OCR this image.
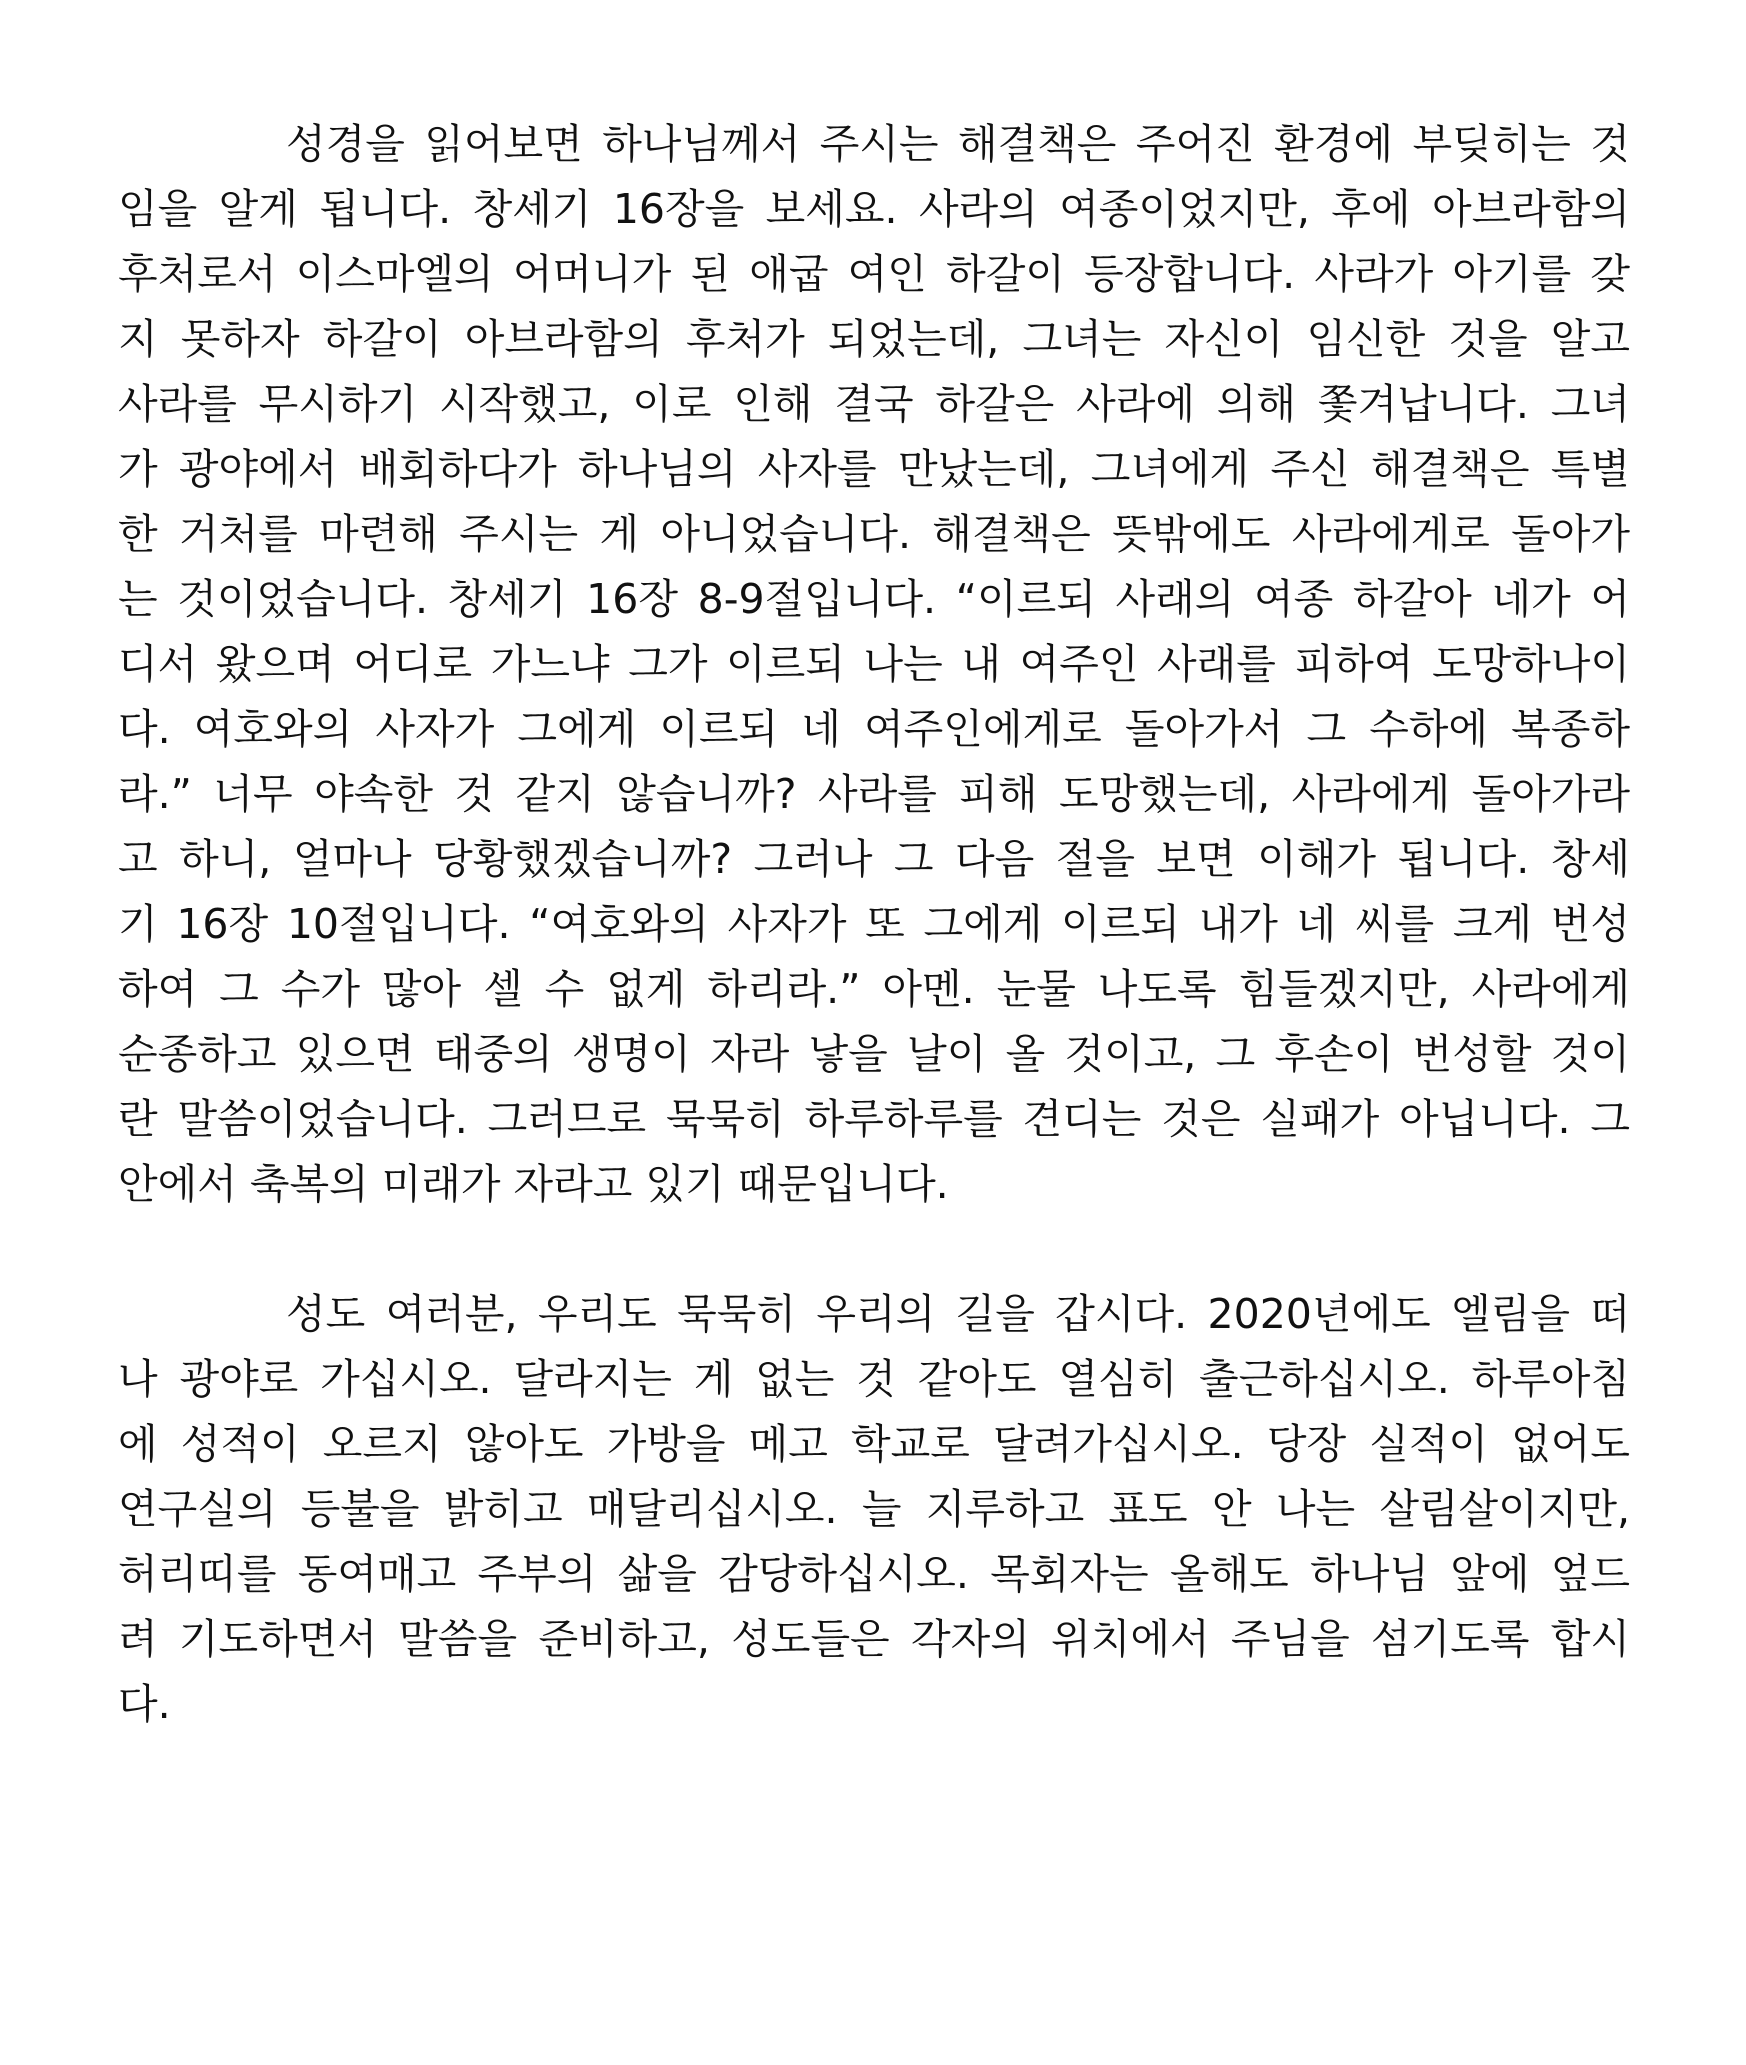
성경을 읽어보면 하나님께서 주시는 해결책은 주어진 환경에 부딪히는 것
임을 알게 됩니다. 창세기 16장을 보세요. 사라의 여종이었지만, 후에 아브라함의
후처로서 이스마엘의 어머니가 된 애굽 여인 하갈이 등장합니다. 사라가 아기를 갖
지 못하자 하갈이 아브라함의 후처가 되었는데, 그녀는 자신이 임신한 것을 알고
사라를 무시하기 시작했고, 이로 인해 결국 하갈은 사라에 의해 쫓겨납니다. 그녀
가 광야에서 배회하다가 하나님의 사자를 만났는데, 그녀에게 주신 해결책은 특별
한 거처를 마련해 주시는 게 아니었습니다. 해결책은 뜻밖에도 사라에게로 돌아가
는 것이었습니다. 창세기 16장 8-9절입니다. “이르되 사래의 여종 하갈아 네가 어
디서 왔으며 어디로 가느냐 그가 이르되 나는 내 여주인 사래를 피하여 도망하나이
다. 여호와의 사자가 그에게 이르되 네 여주인에게로 돌아가서 그 수하에 복종하
라.” 너무 야속한 것 같지 않습니까? 사라를 피해 도망했는데, 사라에게 돌아가라
고 하니, 얼마나 당황했겠습니까? 그러나 그 다음 절을 보면 이해가 됩니다. 창세
기 16장 10절입니다. “여호와의 사자가 또 그에게 이르되 내가 네 씨를 크게 번성
하여 그 수가 많아 셀 수 없게 하리라.” 아멘. 눈물 나도록 힘들겠지만, 사라에게
순종하고 있으면 태중의 생명이 자라 낳을 날이 올 것이고, 그 후손이 번성할 것이
란 말씀이었습니다. 그러므로 묵묵히 하루하루를 견디는 것은 실패가 아닙니다. 그
안에서 축복의 미래가 자라고 있기 때문입니다.
성도 여러분, 우리도 묵묵히 우리의 길을 갑시다. 2020년에도 엘림을 떠
나 광야로 가십시오. 달라지는 게 없는 것 같아도 열심히 출근하십시오. 하루아침
에 성적이 오르지 않아도 가방을 메고 학교로 달려가십시오. 당장 실적이 없어도
연구실의 등불을 밝히고 매달리십시오. 늘 지루하고 표도 안 나는 살림살이지만,
허리띠를 동여매고 주부의 삶을 감당하십시오. 목회자는 올해도 하나님 앞에 엎드
려 기도하면서 말씀을 준비하고, 성도들은 각자의 위치에서 주님을 섬기도록 합시
다.
